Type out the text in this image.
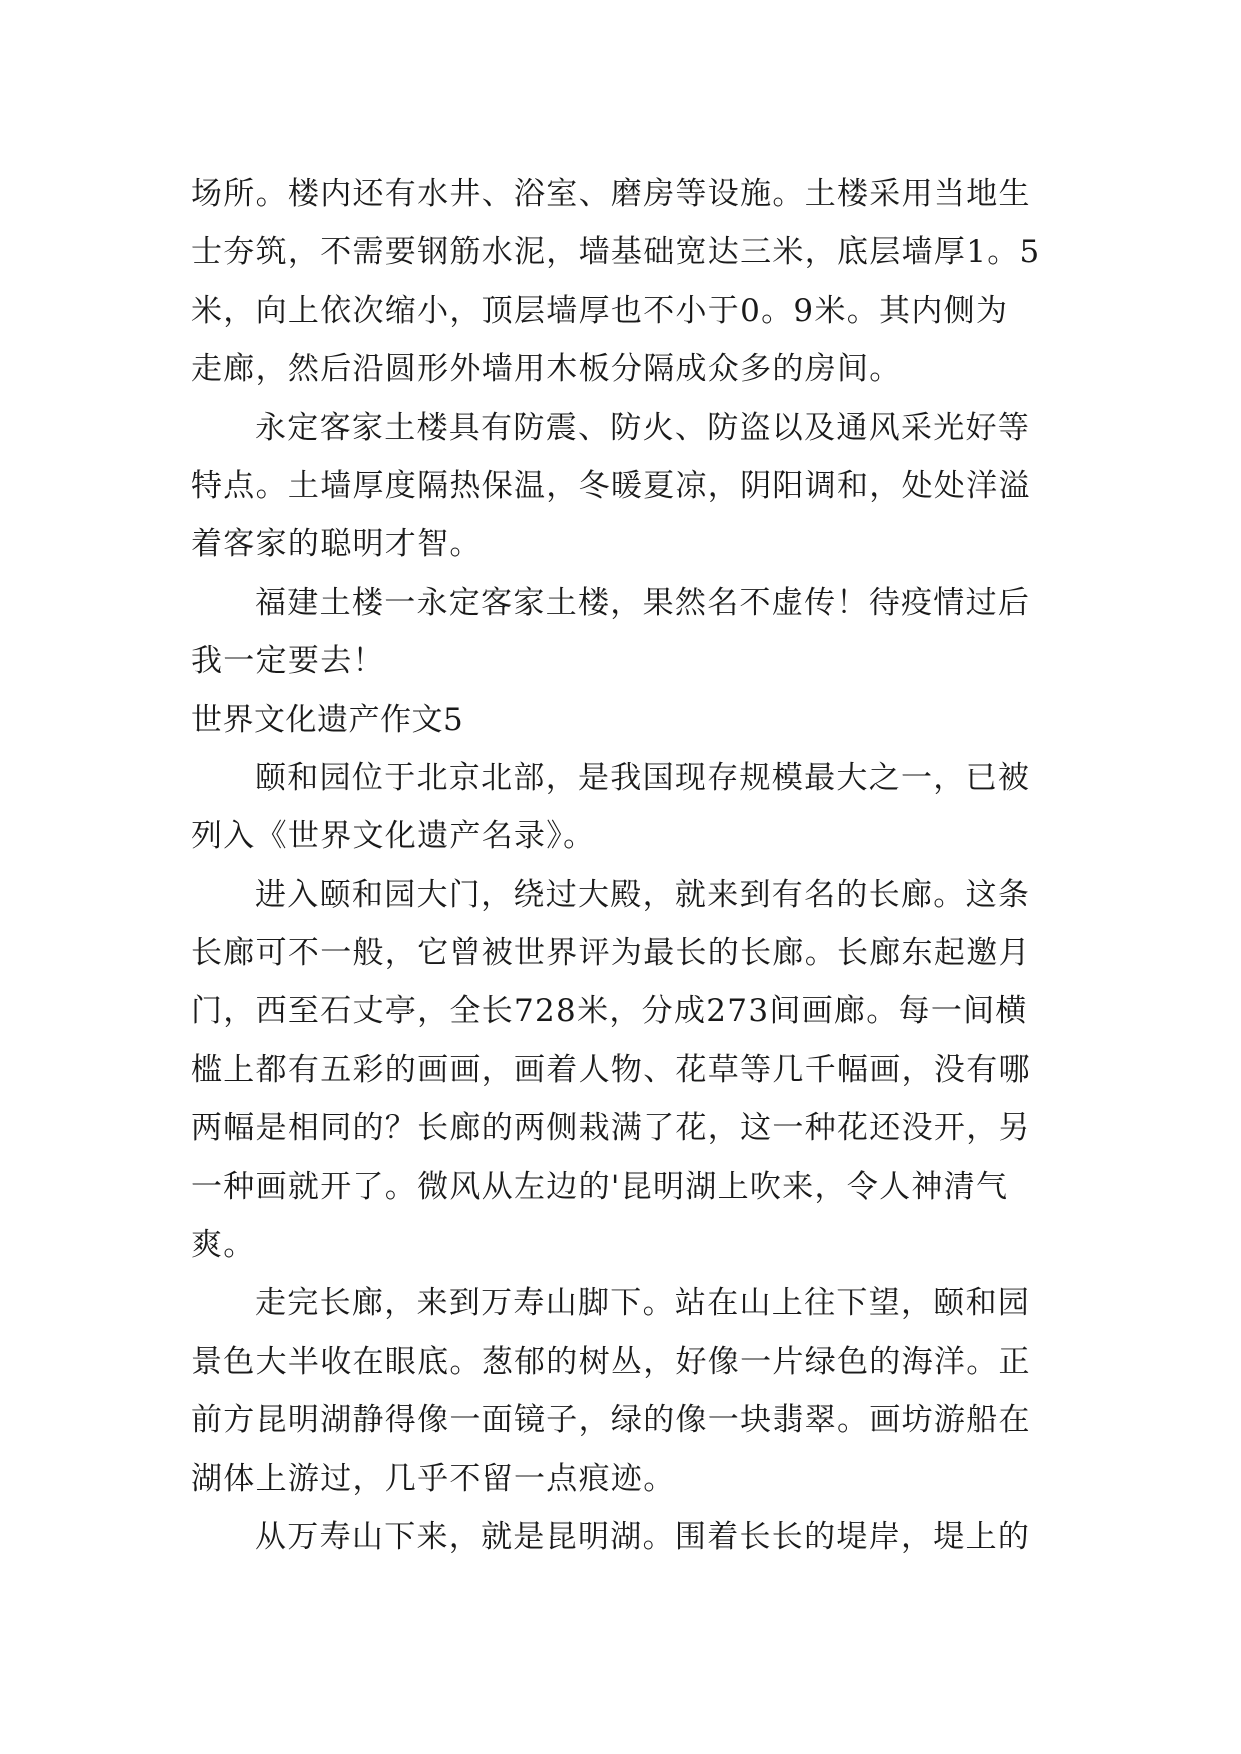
场所。楼内还有水井、浴室、磨房等设施。土楼采用当地生
士夯筑，不需要钢筋水泥，墙基础宽达三米，底层墙厚1。5
米，向上依次缩小，顶层墙厚也不小于0。9米。其内侧为
走廊，然后沿圆形外墙用木板分隔成众多的房间。
永定客家土楼具有防震、防火、防盗以及通风采光好等
特点。土墙厚度隔热保温，冬暖夏凉，阴阳调和，处处洋溢
着客家的聪明才智。
福建土楼一永定客家土楼，果然名不虚传！待疫情过后
我一定要去！
世界文化遗产作文5
颐和园位于北京北部，是我国现存规模最大之一，已被
列入《世界文化遗产名录》。
进入颐和园大门，绕过大殿，就来到有名的长廊。这条
长廊可不一般，它曾被世界评为最长的长廊。长廊东起邀月
门，西至石丈亭，全长728米，分成273间画廊。每一间横
槛上都有五彩的画画，画着人物、花草等几千幅画，没有哪
两幅是相同的？长廊的两侧栽满了花，这一种花还没开，另
一种画就开了。微风从左边的'昆明湖上吹来，令人神清气
爽。
走完长廊，来到万寿山脚下。站在山上往下望，颐和园
景色大半收在眼底。葱郁的树丛，好像一片绿色的海洋。正
前方昆明湖静得像一面镜子，绿的像一块翡翠。画坊游船在
湖体上游过，几乎不留一点痕迹。
从万寿山下来，就是昆明湖。围着长长的堤岸，堤上的
